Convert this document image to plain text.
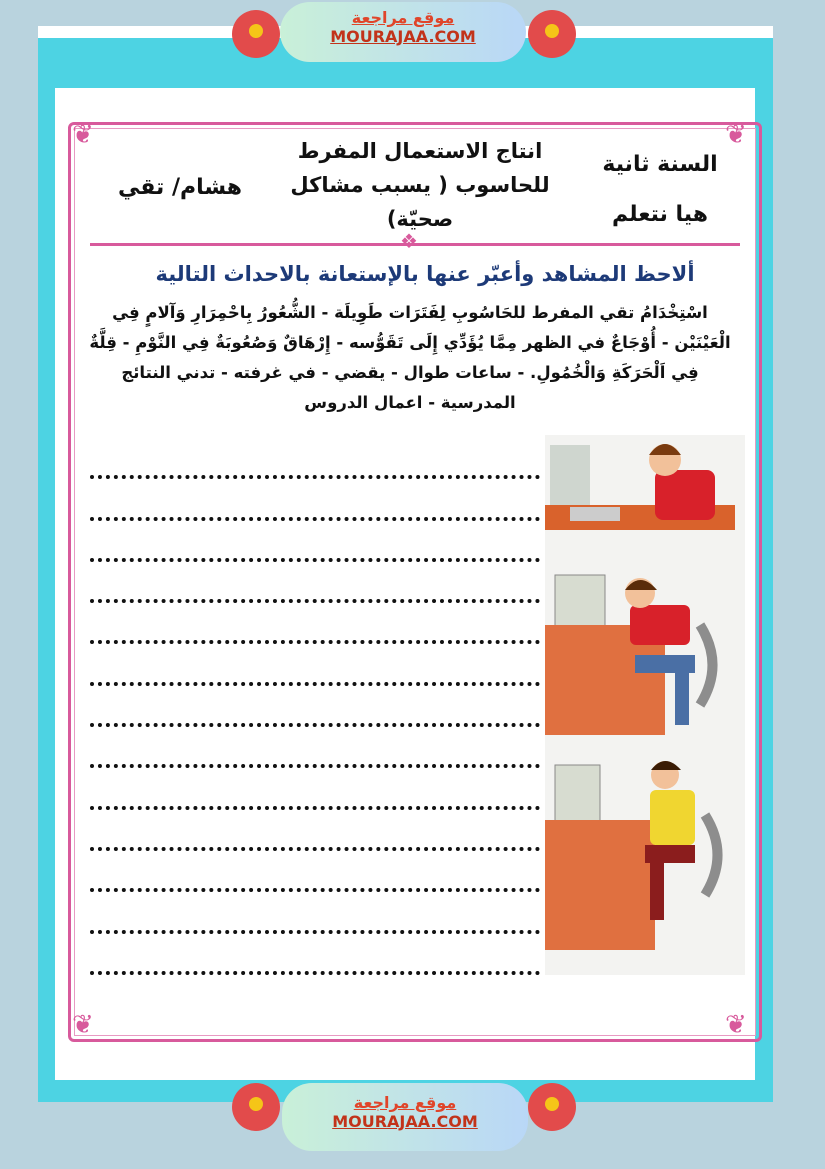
❦	❦
❦	❦
❖
موقع مراجعة
MOURAJAA.COM
موقع مراجعة
MOURAJAA.COM
السنة ثانية
هيا نتعلم
انتاج الاستعمال المفرط
للحاسوب ( يسبب مشاكل
صحيّة)
هشام/ تقي
ألاحظ المشاهد وأعبّر عنها بالإستعانة بالاحداث التالية
اسْتِخْدَامُ تقي المفرط للحَاسُوبِ لِفَتَرَات طَوِيلَة - الشُّعُورُ بِاحْمِرَارِ وَآلامٍ فِي
الْعَيْنَيْن - أُوْجَاعٌ في الظهر مِمَّا يُؤَدِّي إِلَى تَقَوُّسه - إِرْهَاقٌ وَصُعُوبَةٌ فِي النَّوْمِ - قِلَّةٌ
فِي اَلْحَرَكَةِ وَالْخُمُولِ. - ساعات طوال - يقضي - في غرفته - تدني النتائج
المدرسية - اعمال الدروس
